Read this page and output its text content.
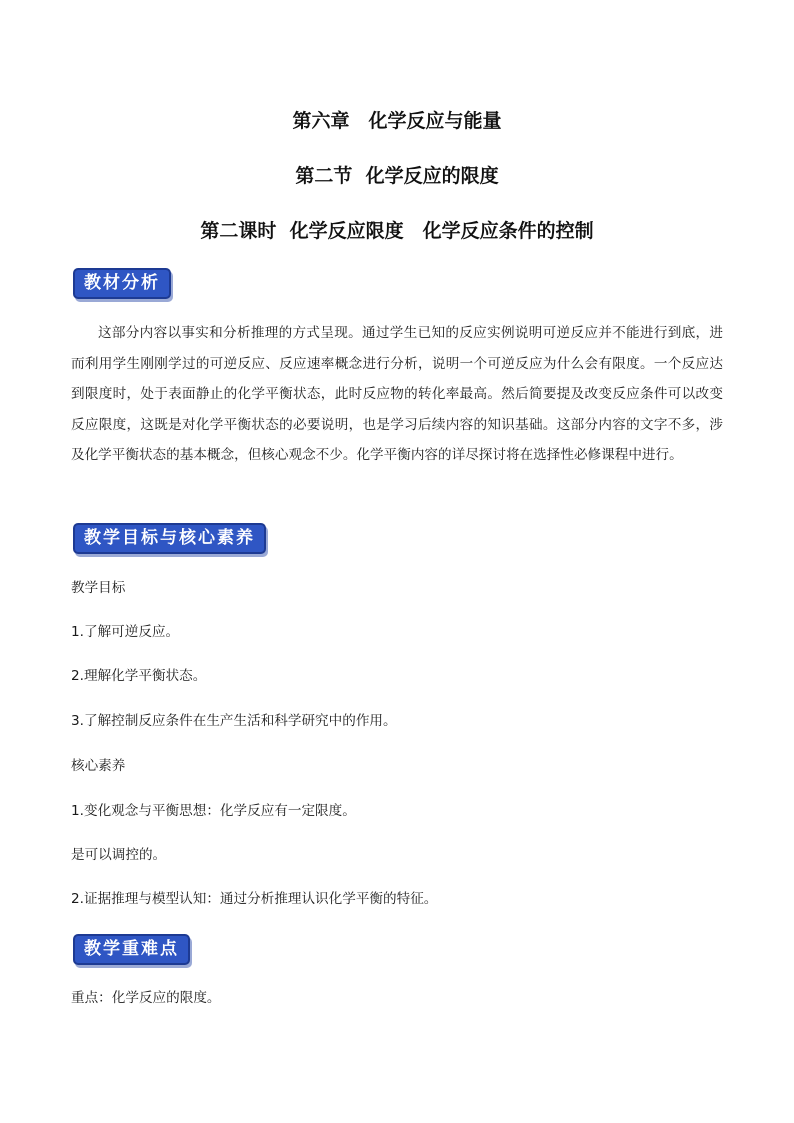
第六章　化学反应与能量
第二节  化学反应的限度
第二课时  化学反应限度　化学反应条件的控制
教材分析
这部分内容以事实和分析推理的方式呈现。通过学生已知的反应实例说明可逆反应并不能进行到底，进而利用学生刚刚学过的可逆反应、反应速率概念进行分析，说明一个可逆反应为什么会有限度。一个反应达到限度时，处于表面静止的化学平衡状态，此时反应物的转化率最高。然后简要提及改变反应条件可以改变反应限度，这既是对化学平衡状态的必要说明，也是学习后续内容的知识基础。这部分内容的文字不多，涉及化学平衡状态的基本概念，但核心观念不少。化学平衡内容的详尽探讨将在选择性必修课程中进行。
教学目标与核心素养
教学目标
1.了解可逆反应。
2.理解化学平衡状态。
3.了解控制反应条件在生产生活和科学研究中的作用。
核心素养
1.变化观念与平衡思想：化学反应有一定限度。
是可以调控的。
2.证据推理与模型认知：通过分析推理认识化学平衡的特征。
教学重难点
重点：化学反应的限度。
